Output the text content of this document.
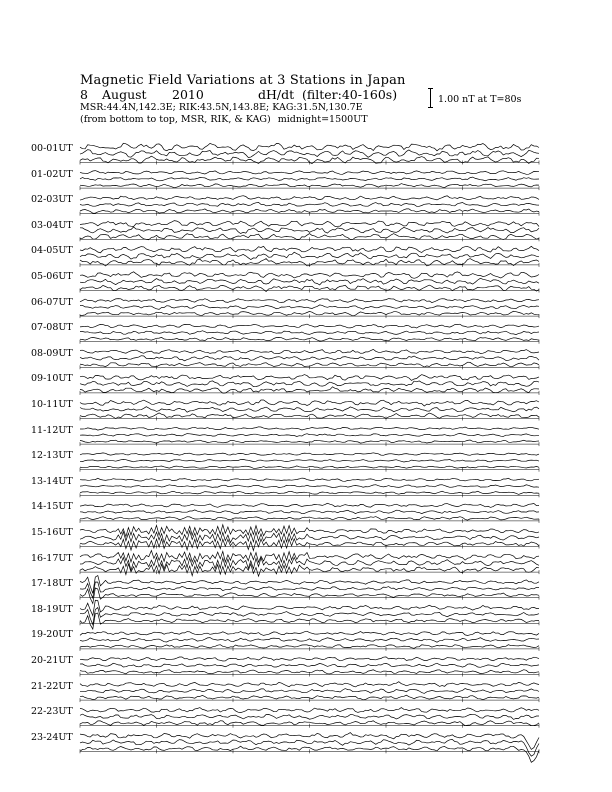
Magnetic Field Variations at 3 Stations in Japan
8 August 2010	dH/dt (filter:40-160s)
MSR:44.4N,142.3E; RIK:43.5N,143.8E; KAG:31.5N,130.7E
(from bottom to top, MSR, RIK, & KAG) midnight=1500UT
1.00 nT at T=80s
00-01UT
01-02UT
02-03UT
03-04UT
04-05UT
05-06UT
06-07UT
07-08UT
08-09UT
09-10UT
10-11UT
11-12UT
12-13UT
13-14UT
14-15UT
15-16UT
16-17UT
17-18UT
18-19UT
19-20UT
20-21UT
21-22UT
22-23UT
23-24UT
